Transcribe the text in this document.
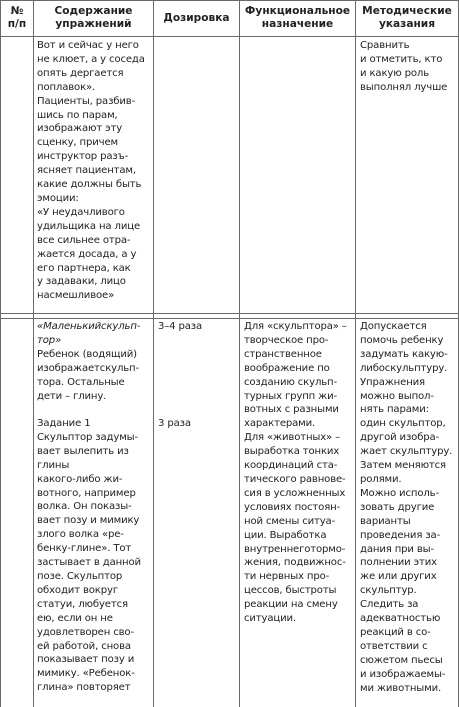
№
п/п
Содержание
упражнений
Дозировка
Функциональное
назначение
Методические
указания
Вот и сейчас у него
не клюет, а у соседа
опять дергается
поплавок».
Пациенты, разбив-
шись по парам,
изображают эту
сценку, причем
инструктор разъ-
ясняет пациентам,
какие должны быть
эмоции:
«У неудачливого
удильщика на лице
все сильнее отра-
жается досада, а у
его партнера, как
у задаваки, лицо
насмешливое»
Сравнить
и отметить, кто
и какую роль
выполнял лучше
«Маленькийскульп-
тор»
Ребенок (водящий)
изображаетскульп-
тора. Остальные
дети – глину.
Задание 1
Скульптор задумы-
вает вылепить из
глины
какого-либо жи-
вотного, например
волка. Он показы-
вает позу и мимику
злого волка «ре-
бенку-глине». Тот
застывает в данной
позе. Скульптор
обходит вокруг
статуи, любуется
ею, если он не
удовлетворен сво-
ей работой, снова
показывает позу и
мимику. «Ребенок-
глина» повторяет
3–4 раза
3 раза
Для «скульптора» –
творческое про-
странственное
воображение по
созданию скульп-
турных групп жи-
вотных с разными
характерами.
Для «животных» –
выработка тонких
координаций ста-
тического равнове-
сия в усложненных
условиях постоян-
ной смены ситуа-
ции. Выработка
внутреннеготормо-
жения, подвижнос-
ти нервных про-
цессов, быстроты
реакции на смену
ситуации.
Допускается
помочь ребенку
задумать какую-
либоскульптуру.
Упражнения
можно выпол-
нять парами:
один скульптор,
другой изобра-
жает скульптуру.
Затем меняются
ролями.
Можно исполь-
зовать другие
варианты
проведения за-
дания при вы-
полнении этих
же или других
скульптур.
Следить за
адекватностью
реакций в со-
ответствии с
сюжетом пьесы
и изображаемы-
ми животными.
